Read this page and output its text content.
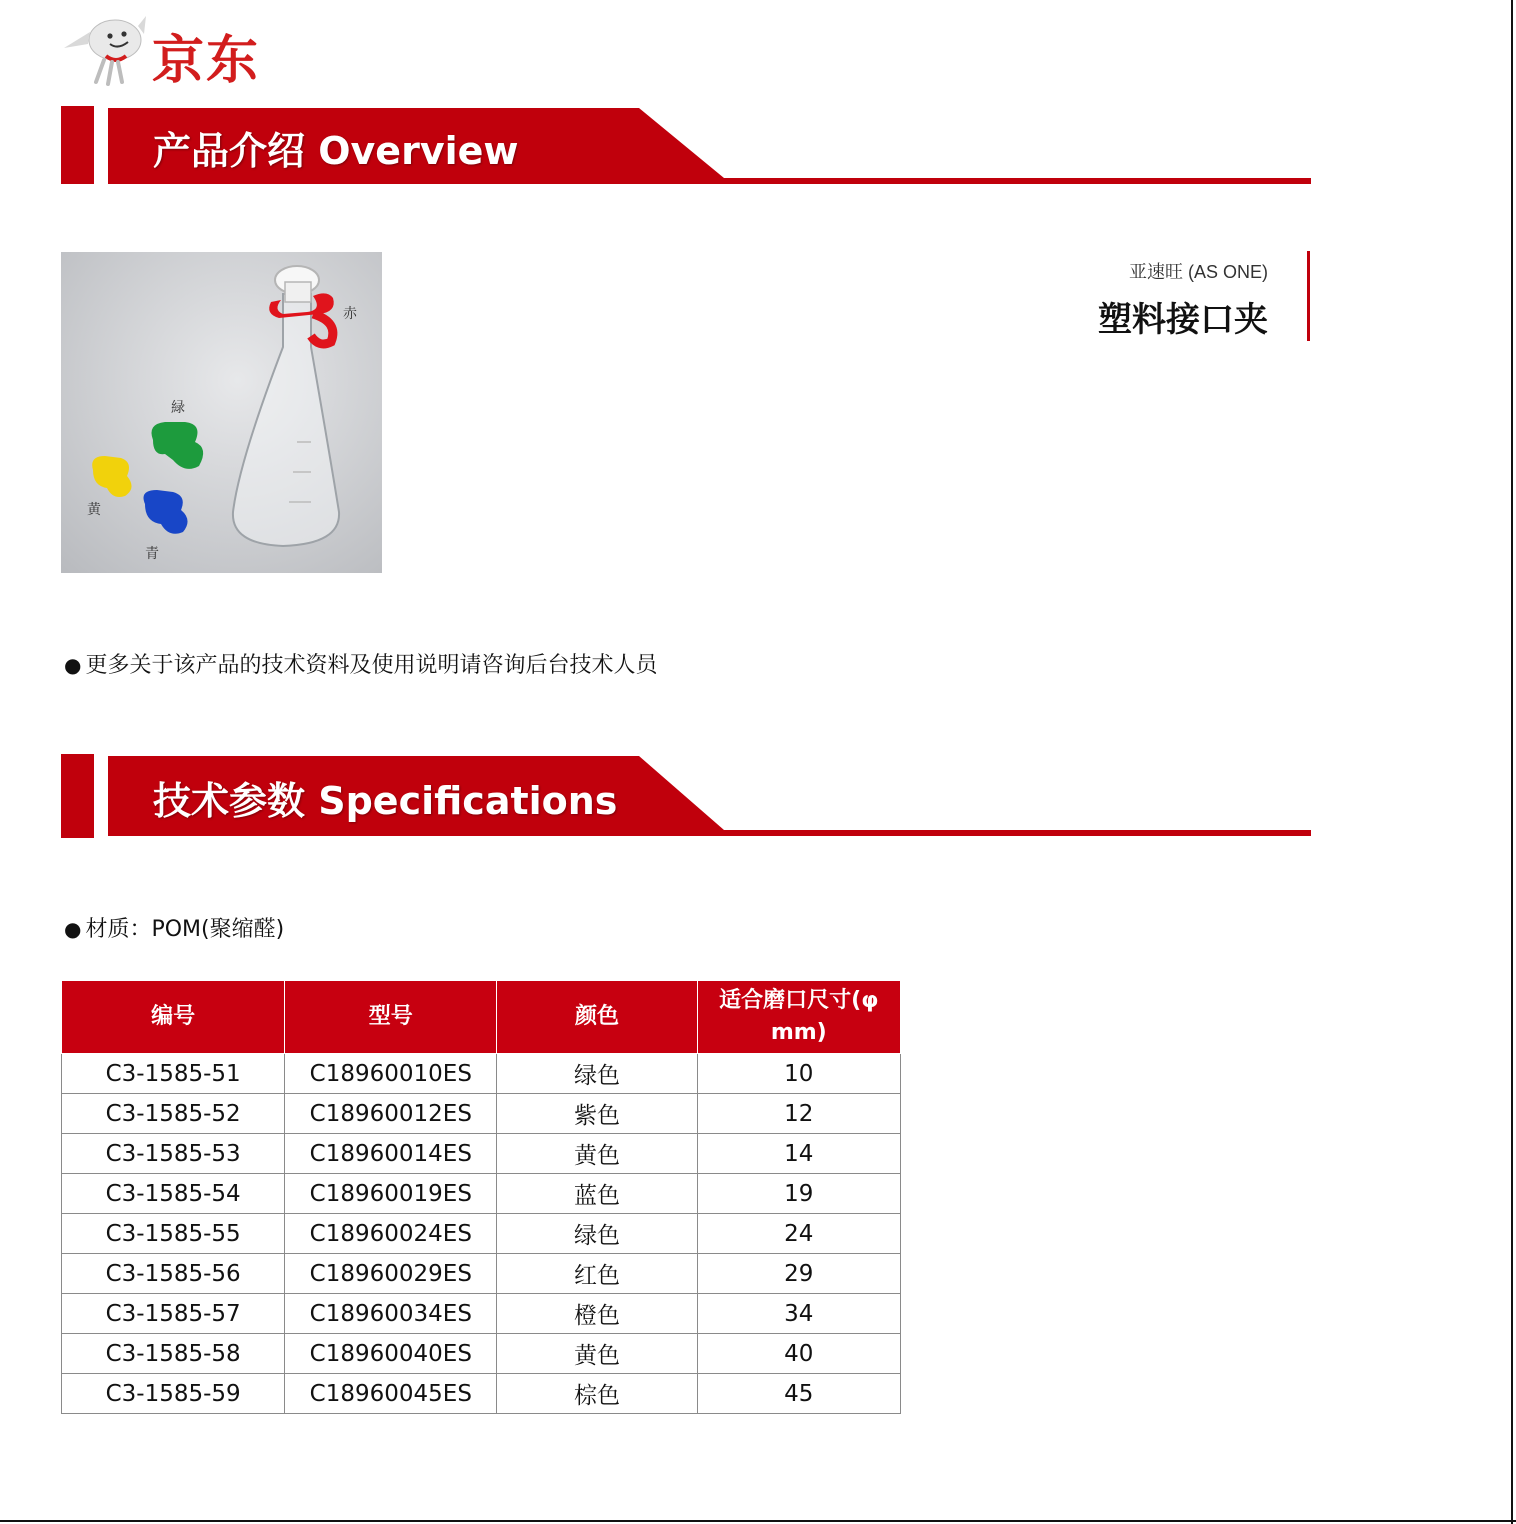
京东
产品介绍 Overview
赤
緑
黄
青
亚速旺 (AS ONE)
塑料接口夹
● 更多关于该产品的技术资料及使用说明请咨询后台技术人员
技术参数 Specifications
● 材质：POM(聚缩醛)
编号	型号	颜色	适合磨口尺寸(φ mm)
C3-1585-51	C18960010ES	绿色	10
C3-1585-52	C18960012ES	紫色	12
C3-1585-53	C18960014ES	黄色	14
C3-1585-54	C18960019ES	蓝色	19
C3-1585-55	C18960024ES	绿色	24
C3-1585-56	C18960029ES	红色	29
C3-1585-57	C18960034ES	橙色	34
C3-1585-58	C18960040ES	黄色	40
C3-1585-59	C18960045ES	棕色	45
